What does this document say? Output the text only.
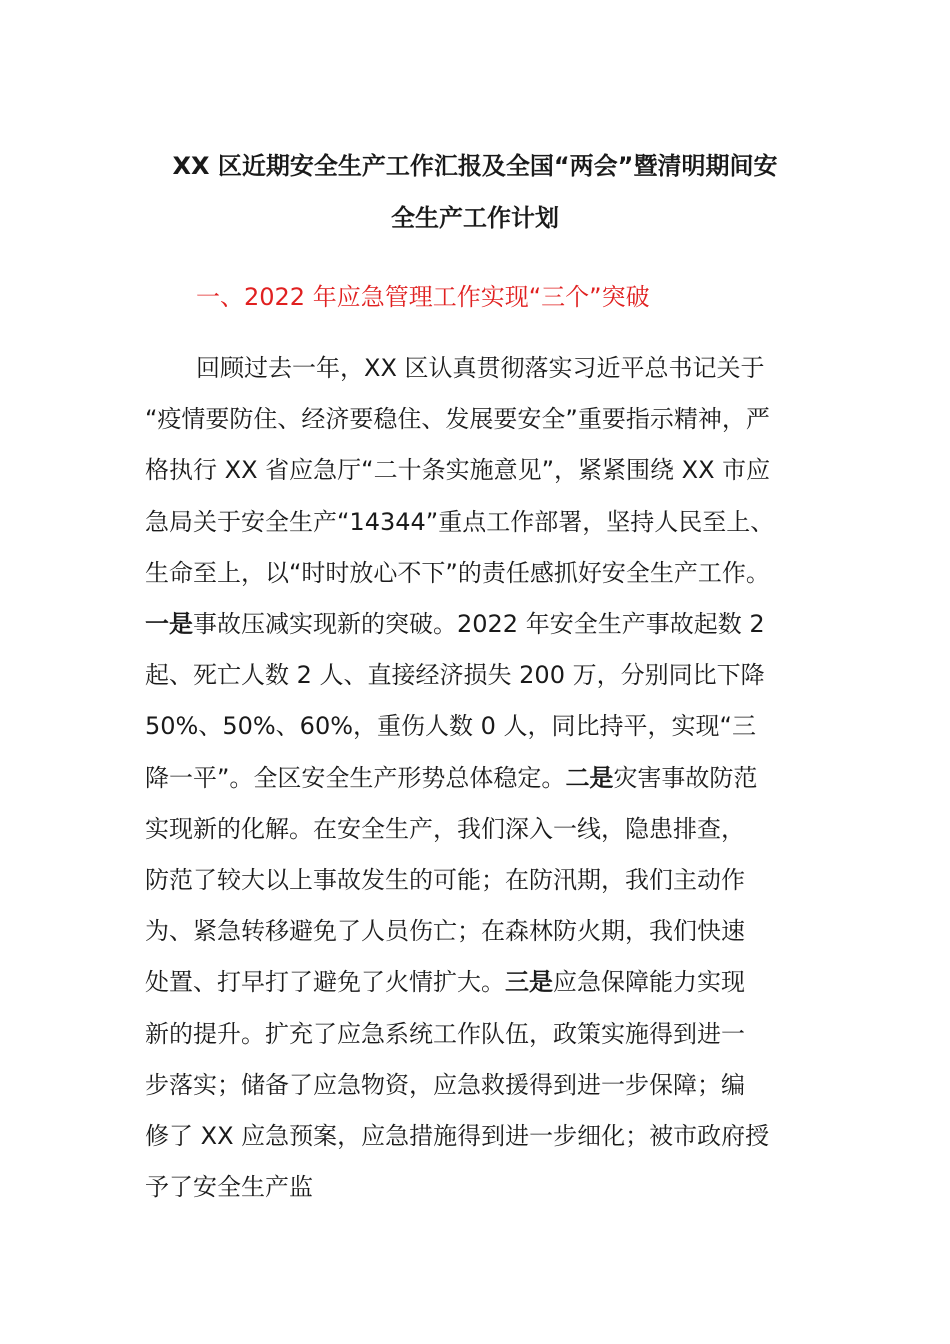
XX 区近期安全生产工作汇报及全国“两会”暨清明期间安
全生产工作计划
一、2022 年应急管理工作实现“三个”突破
回顾过去一年，XX 区认真贯彻落实习近平总书记关于
“疫情要防住、经济要稳住、发展要安全”重要指示精神，严
格执行 XX 省应急厅“二十条实施意见”，紧紧围绕 XX 市应
急局关于安全生产“14344”重点工作部署，坚持人民至上、
生命至上，以“时时放心不下”的责任感抓好安全生产工作。
一是事故压减实现新的突破。2022 年安全生产事故起数 2
起、死亡人数 2 人、直接经济损失 200 万，分别同比下降
50%、50%、60%，重伤人数 0 人，同比持平，实现“三
降一平”。全区安全生产形势总体稳定。二是灾害事故防范
实现新的化解。在安全生产，我们深入一线，隐患排查，
防范了较大以上事故发生的可能；在防汛期，我们主动作
为、紧急转移避免了人员伤亡；在森林防火期，我们快速
处置、打早打了避免了火情扩大。三是应急保障能力实现
新的提升。扩充了应急系统工作队伍，政策实施得到进一
步落实；储备了应急物资，应急救援得到进一步保障；编
修了 XX 应急预案，应急措施得到进一步细化；被市政府授
予了安全生产监
